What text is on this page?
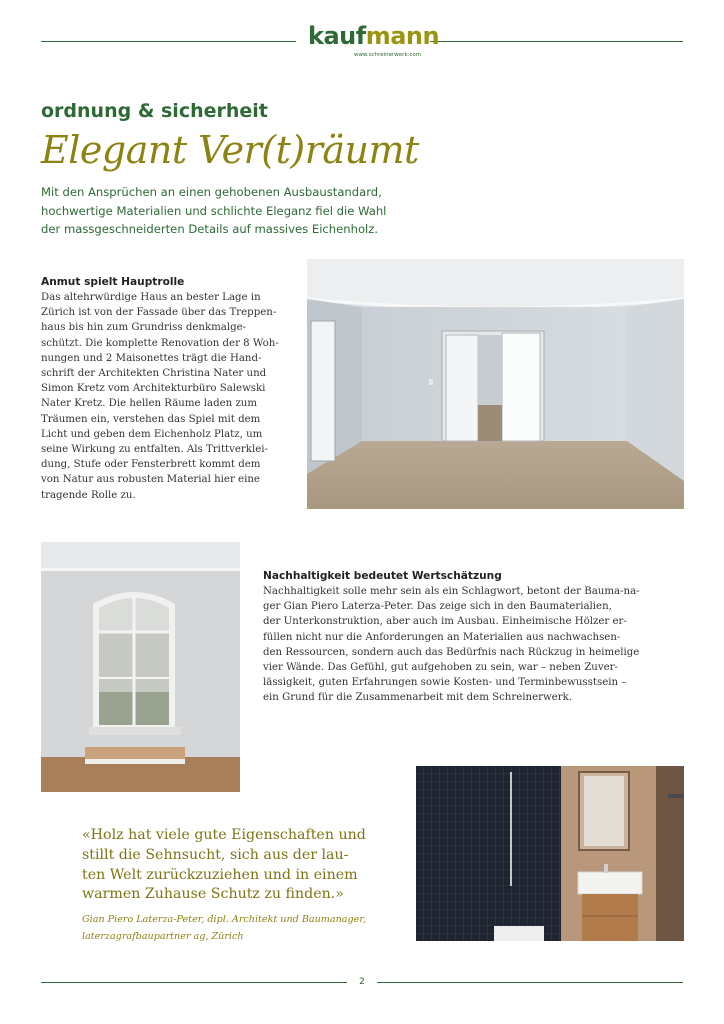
kaufmann
www.schreinerwerk.com
ordnung & sicherheit
Elegant Ver(t)räumt
Mit den Ansprüchen an einen gehobenen Ausbaustandard,
hochwertige Materialien und schlichte Eleganz fiel die Wahl
der massgeschneiderten Details auf massives Eichenholz.
Anmut spielt Hauptrolle
Das altehrwürdige Haus an bester Lage in
Zürich ist von der Fassade über das Treppen-
haus bis hin zum Grundriss denkmalge-
schützt. Die komplette Renovation der 8 Woh-
nungen und 2 Maisonettes trägt die Hand-
schrift der Architekten Christina Nater und
Simon Kretz vom Architekturbüro Salewski
Nater Kretz. Die hellen Räume laden zum
Träumen ein, verstehen das Spiel mit dem
Licht und geben dem Eichenholz Platz, um
seine Wirkung zu entfalten. Als Trittverklei-
dung, Stufe oder Fensterbrett kommt dem
von Natur aus robusten Material hier eine
tragende Rolle zu.
Nachhaltigkeit bedeutet Wertschätzung
Nachhaltigkeit solle mehr sein als ein Schlagwort, betont der Bauma-na-
ger Gian Piero Laterza-Peter. Das zeige sich in den Baumaterialien,
der Unterkonstruktion, aber auch im Ausbau. Einheimische Hölzer er-
füllen nicht nur die Anforderungen an Materialien aus nachwachsen-
den Ressourcen, sondern auch das Bedürfnis nach Rückzug in heimelige
vier Wände. Das Gefühl, gut aufgehoben zu sein, war – neben Zuver-
lässigkeit, guten Erfahrungen sowie Kosten- und Terminbewusstsein –
ein Grund für die Zusammenarbeit mit dem Schreinerwerk.
«Holz hat viele gute Eigenschaften und
stillt die Sehnsucht, sich aus der lau-
ten Welt zurückzuziehen und in einem
warmen Zuhause Schutz zu finden.»
Gian Piero Laterza-Peter, dipl. Architekt und Baumanager,
laterzagrafbaupartner ag, Zürich
2
